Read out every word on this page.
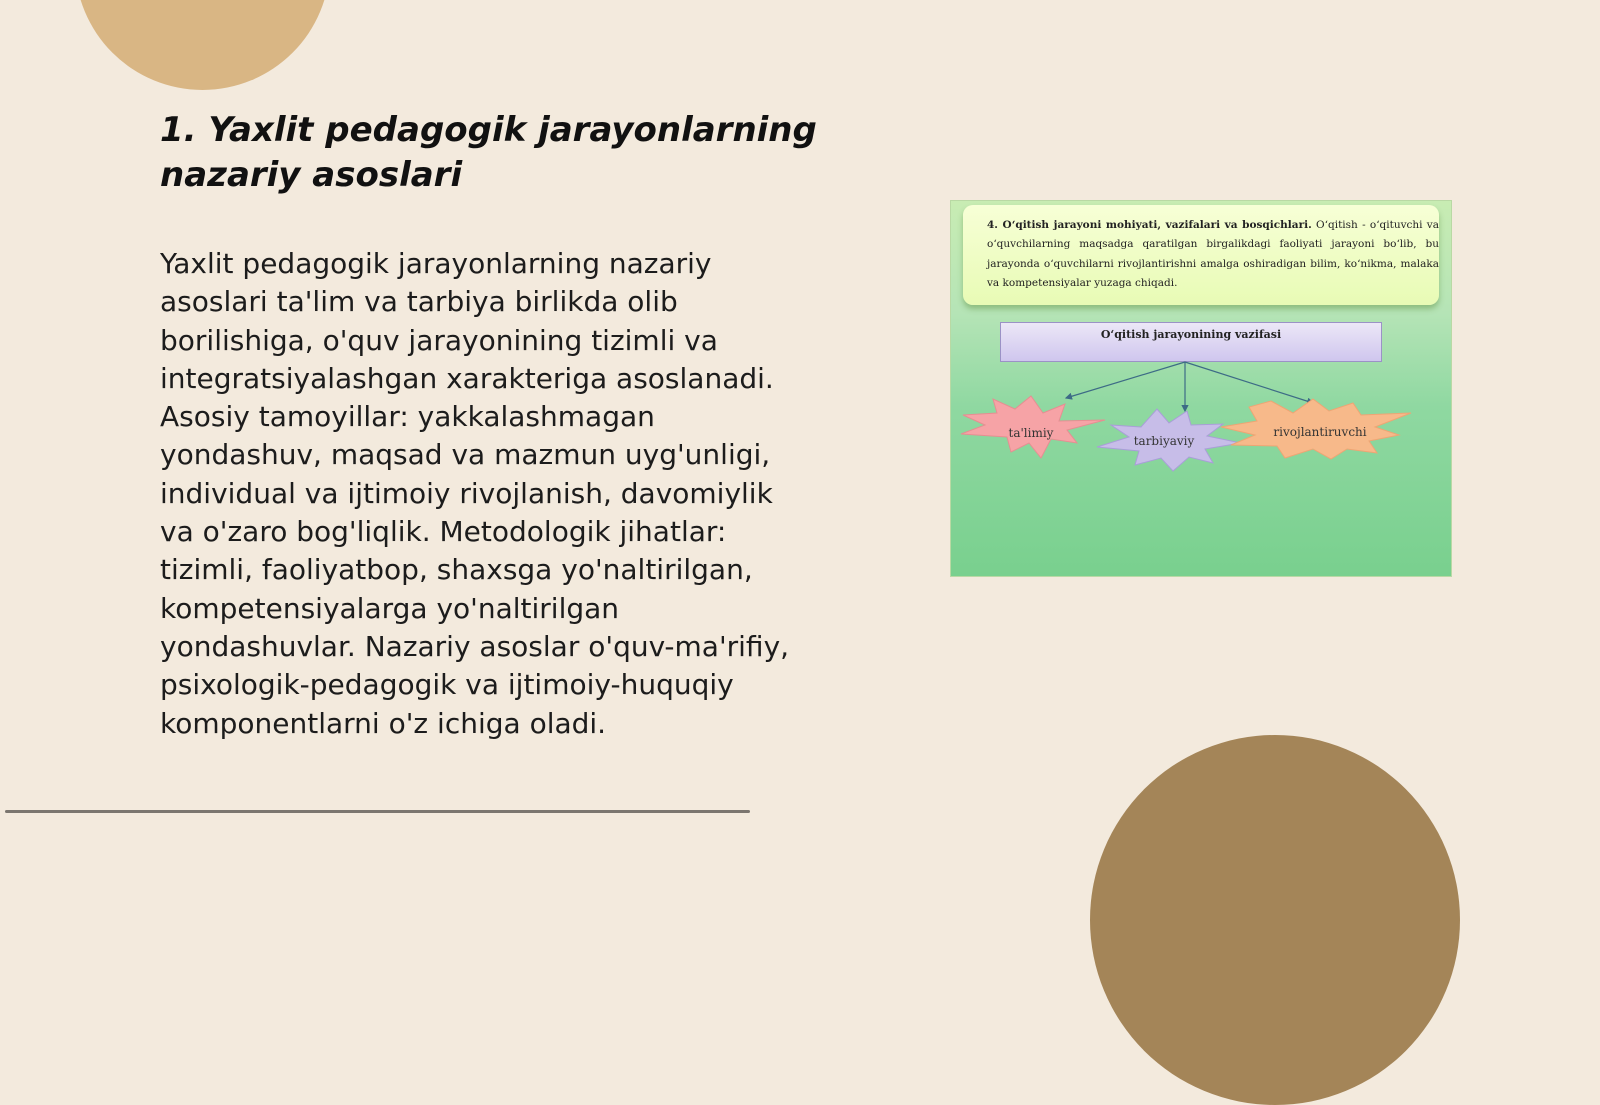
1. Yaxlit pedagogik jarayonlarning
nazariy asoslari
Yaxlit pedagogik jarayonlarning nazariy
asoslari ta'lim va tarbiya birlikda olib
borilishiga, o'quv jarayonining tizimli va
integratsiyalashgan xarakteriga asoslanadi.
Asosiy tamoyillar: yakkalashmagan
yondashuv, maqsad va mazmun uyg'unligi,
individual va ijtimoiy rivojlanish, davomiylik
va o'zaro bog'liqlik. Metodologik jihatlar:
tizimli, faoliyatbop, shaxsga yo'naltirilgan,
kompetensiyalarga yo'naltirilgan
yondashuvlar. Nazariy asoslar o'quv-ma'rifiy,
psixologik-pedagogik va ijtimoiy-huquqiy
komponentlarni o'z ichiga oladi.

4. O‘qitish jarayoni mohiyati, vazifalari va bosqichlari. O‘qitish - o‘qituvchi va o‘quvchilarning maqsadga qaratilgan birgalikdagi faoliyati jarayoni bo‘lib, bu jarayonda o‘quvchilarni rivojlantirishni amalga oshiradigan bilim, ko‘nikma, malaka va kompetensiyalar yuzaga chiqadi.

O‘qitish jarayonining vazifasi
ta'limiy
tarbiyaviy
rivojlantiruvchi
